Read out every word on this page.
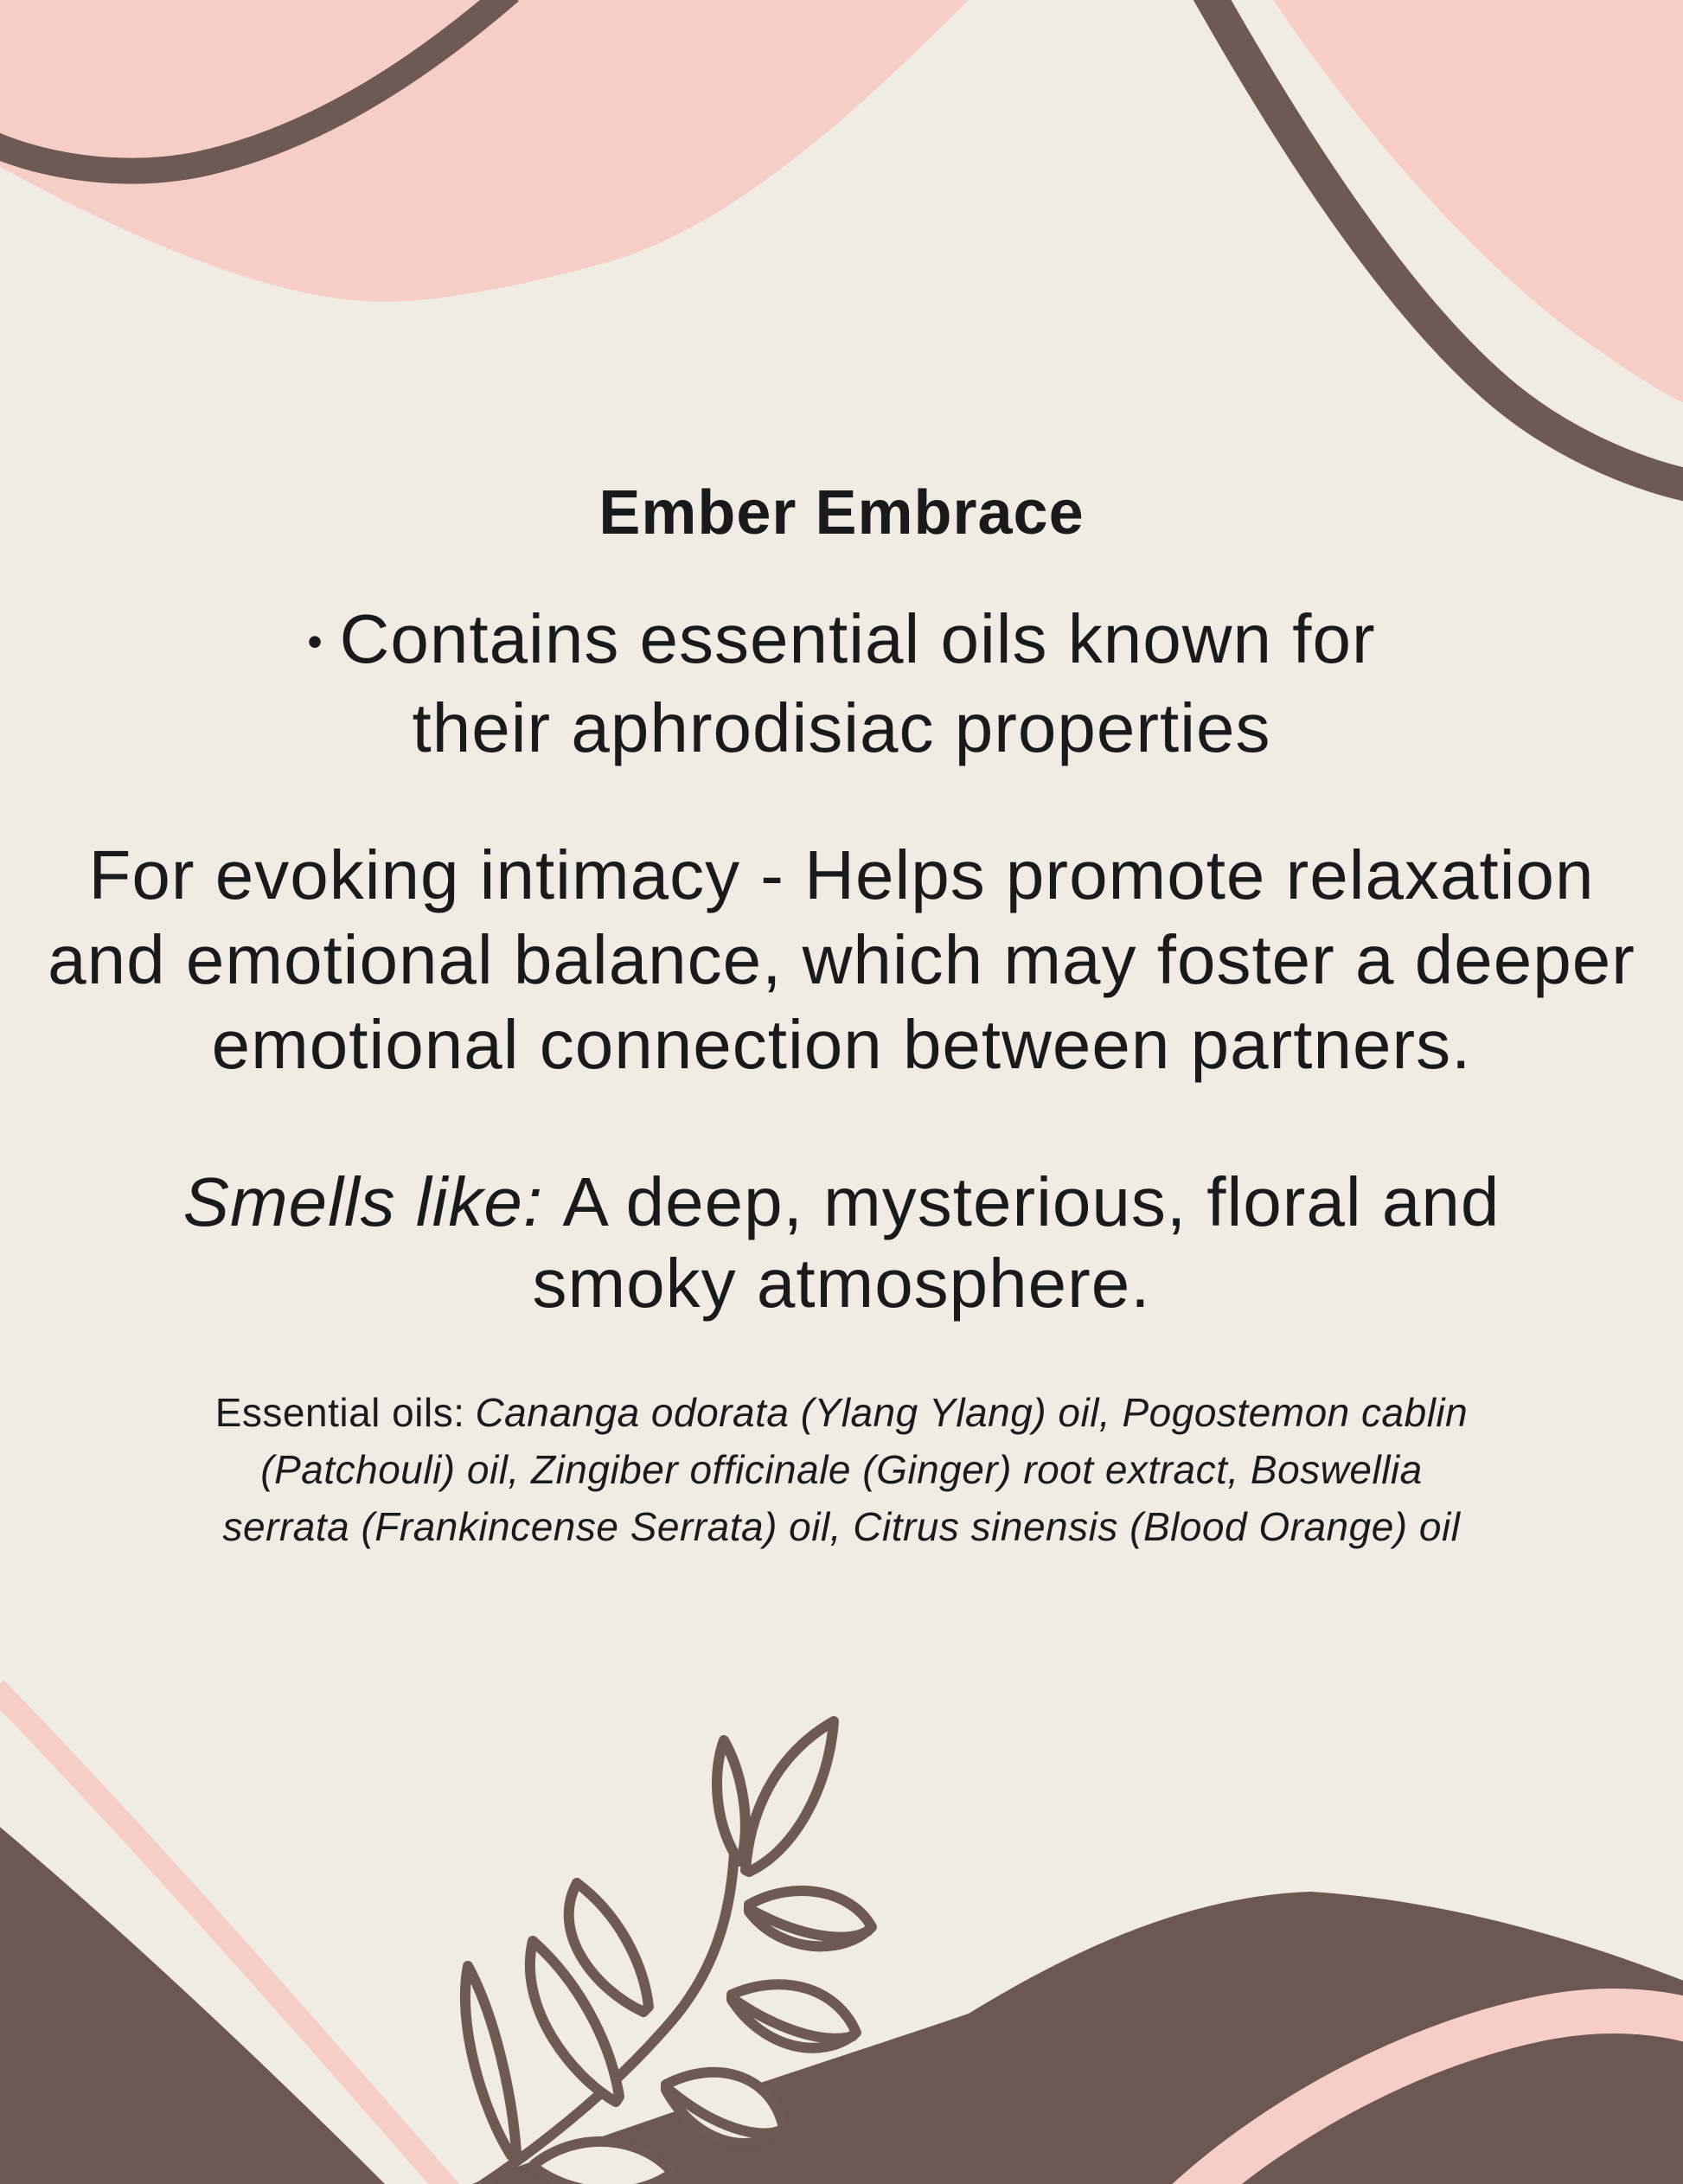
Ember Embrace
• Contains essential oils known for
their aphrodisiac properties
For evoking intimacy - Helps promote relaxation
and emotional balance, which may foster a deeper
emotional connection between partners.
Smells like: A deep, mysterious, floral and
smoky atmosphere.
Essential oils: Cananga odorata (Ylang Ylang) oil, Pogostemon cablin
(Patchouli) oil, Zingiber officinale (Ginger) root extract, Boswellia
serrata (Frankincense Serrata) oil, Citrus sinensis (Blood Orange) oil
